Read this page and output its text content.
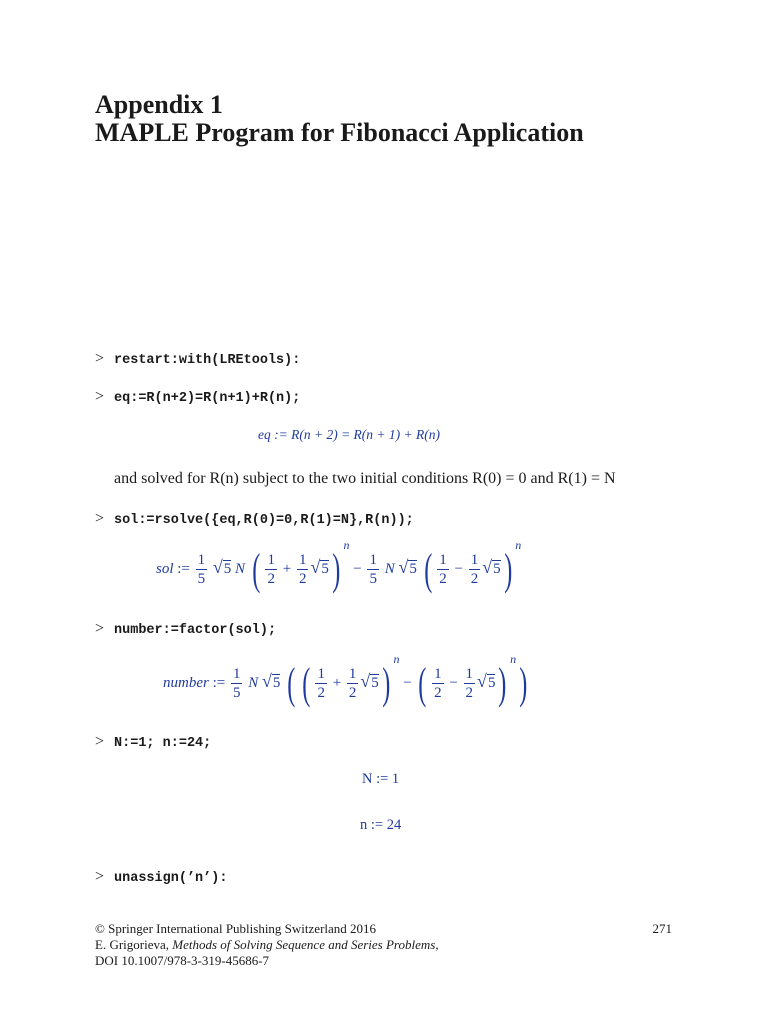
Appendix 1
MAPLE Program for Fibonacci Application
> restart:with(LREtools):
> eq:=R(n+2)=R(n+1)+R(n);
eq := R(n + 2) = R(n + 1) + R(n)
and solved for R(n) subject to the two initial conditions R(0) = 0 and R(1) = N
> sol:=rsolve({eq,R(0)=0,R(1)=N},R(n));
sol := $\frac{1}{5} √5$ N ( $\frac{1}{2} + \frac{1}{2} √5$) $^n - \frac{1}{5}$ N √5 ( $\frac{1}{2} - \frac{1}{2} √5$) $^n$
> number:=factor(sol);
number := $\frac{1}{5}$ N √5 ( ( $\frac{1}{2} + \frac{1}{2} √5$) $^n$ − ( $\frac{1}{2} - \frac{1}{2} √5$) $^n$)
> N:=1; n:=24;
N := 1
n := 24
> unassign(’n’):
© Springer International Publishing Switzerland 2016
E. Grigorieva, Methods of Solving Sequence and Series Problems,
DOI 10.1007/978-3-319-45686-7
271
